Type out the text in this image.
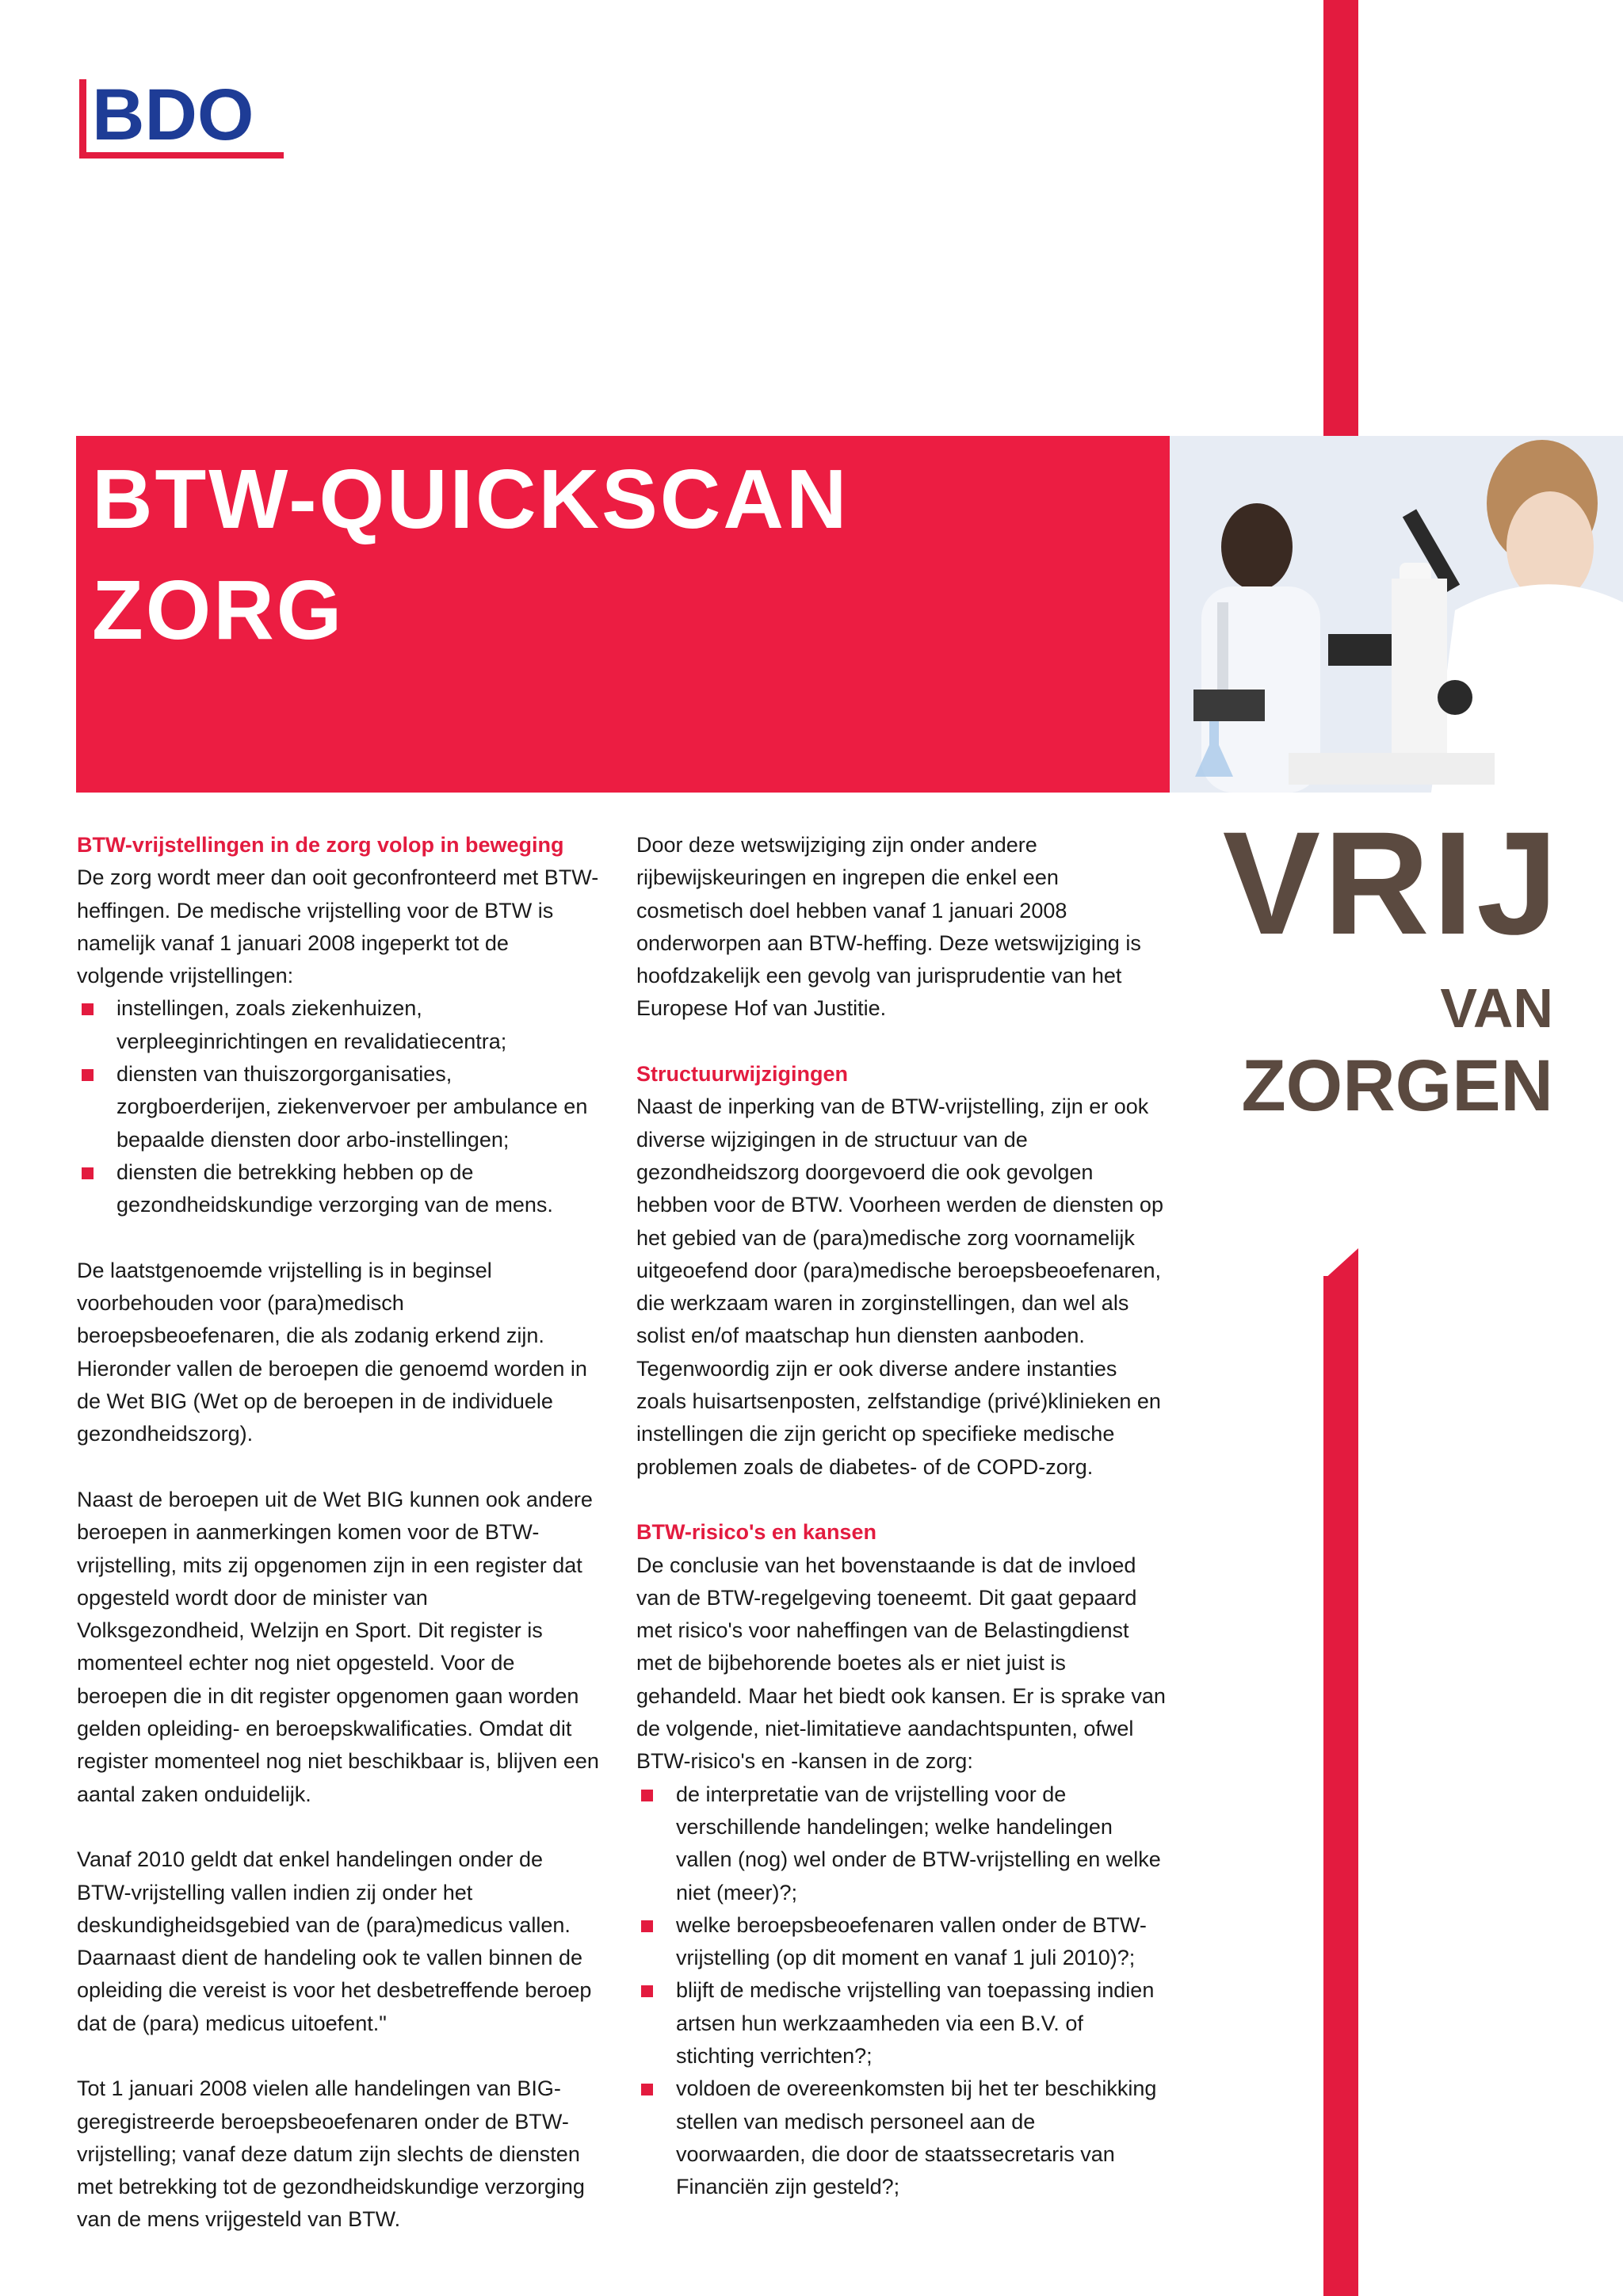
BDO
BTW-QUICKSCAN
ZORG
VRIJ
VAN
ZORGEN
BTW-vrijstellingen in de zorg volop in beweging

De zorg wordt meer dan ooit geconfronteerd met BTW-heffingen. De medische vrijstelling voor de BTW is namelijk vanaf 1 januari 2008 ingeperkt tot de volgende vrijstellingen:

instellingen, zoals ziekenhuizen, verpleeginrichtingen en revalidatiecentra;
diensten van thuiszorgorganisaties, zorgboerderijen, ziekenvervoer per ambulance en bepaalde diensten door arbo-instellingen;
diensten die betrekking hebben op de gezondheidskundige verzorging van de mens.

De laatstgenoemde vrijstelling is in beginsel voorbehouden voor (para)medisch beroepsbeoefenaren, die als zodanig erkend zijn. Hieronder vallen de beroepen die genoemd worden in de Wet BIG (Wet op de beroepen in de individuele gezondheidszorg).

Naast de beroepen uit de Wet BIG kunnen ook andere beroepen in aanmerkingen komen voor de BTW-vrijstelling, mits zij opgenomen zijn in een register dat opgesteld wordt door de minister van Volksgezondheid, Welzijn en Sport. Dit register is momenteel echter nog niet opgesteld. Voor de beroepen die in dit register opgenomen gaan worden gelden opleiding- en beroepskwalificaties. Omdat dit register momenteel nog niet beschikbaar is, blijven een aantal zaken onduidelijk.

Vanaf 2010 geldt dat enkel handelingen onder de BTW-vrijstelling vallen indien zij onder het deskundigheidsgebied van de (para)medicus vallen. Daarnaast dient de handeling ook te vallen binnen de opleiding die vereist is voor het desbetreffende beroep dat de (para) medicus uitoefent."

Tot 1 januari 2008 vielen alle handelingen van BIG-geregistreerde beroepsbeoefenaren onder de BTW-vrijstelling; vanaf deze datum zijn slechts de diensten met betrekking tot de gezondheidskundige verzorging van de mens vrijgesteld van BTW.

Door deze wetswijziging zijn onder andere rijbewijskeuringen en ingrepen die enkel een cosmetisch doel hebben vanaf 1 januari 2008 onderworpen aan BTW-heffing. Deze wetswijziging is hoofdzakelijk een gevolg van jurisprudentie van het Europese Hof van Justitie.

Structuurwijzigingen

Naast de inperking van de BTW-vrijstelling, zijn er ook diverse wijzigingen in de structuur van de gezondheidszorg doorgevoerd die ook gevolgen hebben voor de BTW. Voorheen werden de diensten op het gebied van de (para)medische zorg voornamelijk uitgeoefend door (para)medische beroepsbeoefenaren, die werkzaam waren in zorginstellingen, dan wel als solist en/of maatschap hun diensten aanboden. Tegenwoordig zijn er ook diverse andere instanties zoals huisartsenposten, zelfstandige (privé)klinieken en instellingen die zijn gericht op specifieke medische problemen zoals de diabetes- of de COPD-zorg.

BTW-risico's en kansen

De conclusie van het bovenstaande is dat de invloed van de BTW-regelgeving toeneemt. Dit gaat gepaard met risico's voor naheffingen van de Belastingdienst met de bijbehorende boetes als er niet juist is gehandeld. Maar het biedt ook kansen. Er is sprake van de volgende, niet-limitatieve aandachtspunten, ofwel BTW-risico's en -kansen in de zorg:

de interpretatie van de vrijstelling voor de verschillende handelingen; welke handelingen vallen (nog) wel onder de BTW-vrijstelling en welke niet (meer)?;
welke beroepsbeoefenaren vallen onder de BTW-vrijstelling (op dit moment en vanaf 1 juli 2010)?;
blijft de medische vrijstelling van toepassing indien artsen hun werkzaamheden via een B.V. of stichting verrichten?;
voldoen de overeenkomsten bij het ter beschikking stellen van medisch personeel aan de voorwaarden, die door de staatssecretaris van Financiën zijn gesteld?;
